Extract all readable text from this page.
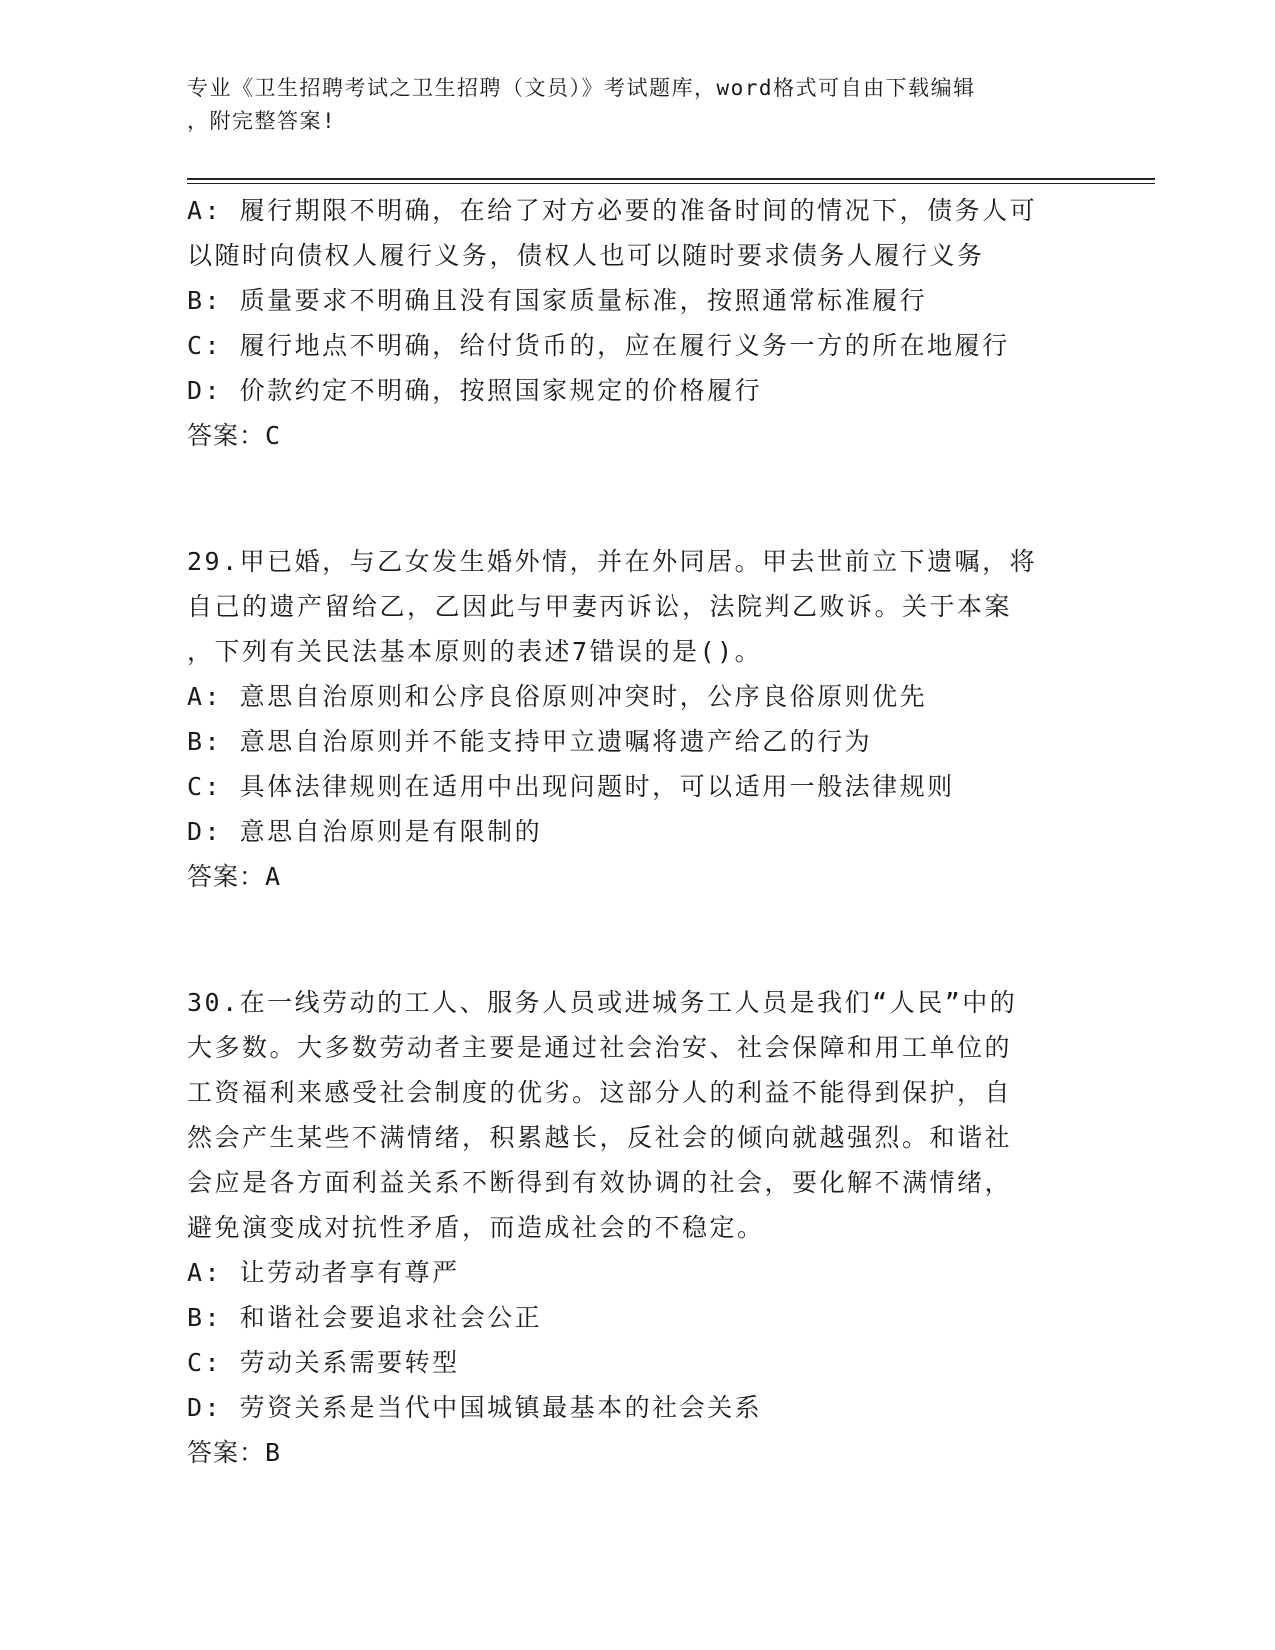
专业《卫生招聘考试之卫生招聘（文员）》考试题库，word格式可自由下载编辑
，附完整答案!
A: 履行期限不明确，在给了对方必要的准备时间的情况下，债务人可
以随时向债权人履行义务，债权人也可以随时要求债务人履行义务
B: 质量要求不明确且没有国家质量标准，按照通常标准履行
C: 履行地点不明确，给付货币的，应在履行义务一方的所在地履行
D: 价款约定不明确，按照国家规定的价格履行
答案：C
29.甲已婚，与乙女发生婚外情，并在外同居。甲去世前立下遗嘱，将
自己的遗产留给乙，乙因此与甲妻丙诉讼，法院判乙败诉。关于本案
，下列有关民法基本原则的表述7错误的是()。
A: 意思自治原则和公序良俗原则冲突时，公序良俗原则优先
B: 意思自治原则并不能支持甲立遗嘱将遗产给乙的行为
C: 具体法律规则在适用中出现问题时，可以适用一般法律规则
D: 意思自治原则是有限制的
答案：A
30.在一线劳动的工人、服务人员或进城务工人员是我们“人民”中的
大多数。大多数劳动者主要是通过社会治安、社会保障和用工单位的
工资福利来感受社会制度的优劣。这部分人的利益不能得到保护，自
然会产生某些不满情绪，积累越长，反社会的倾向就越强烈。和谐社
会应是各方面利益关系不断得到有效协调的社会，要化解不满情绪，
避免演变成对抗性矛盾，而造成社会的不稳定。
A: 让劳动者享有尊严
B: 和谐社会要追求社会公正
C: 劳动关系需要转型
D: 劳资关系是当代中国城镇最基本的社会关系
答案：B
